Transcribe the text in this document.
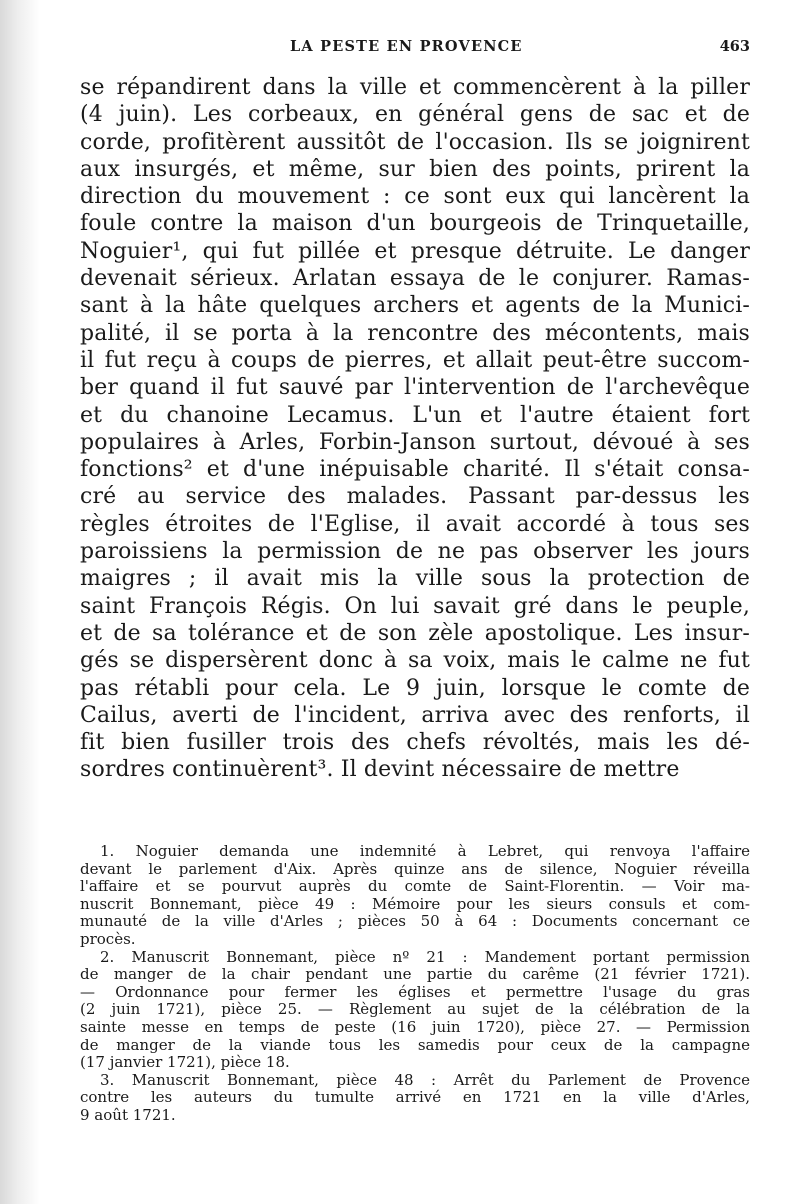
LA PESTE EN PROVENCE	463
se répandirent dans la ville et commencèrent à la piller
(4 juin). Les corbeaux, en général gens de sac et de
corde, profitèrent aussitôt de l'occasion. Ils se joignirent
aux insurgés, et même, sur bien des points, prirent la
direction du mouvement : ce sont eux qui lancèrent la
foule contre la maison d'un bourgeois de Trinquetaille,
Noguier¹, qui fut pillée et presque détruite. Le danger
devenait sérieux. Arlatan essaya de le conjurer. Ramas-
sant à la hâte quelques archers et agents de la Munici-
palité, il se porta à la rencontre des mécontents, mais
il fut reçu à coups de pierres, et allait peut-être succom-
ber quand il fut sauvé par l'intervention de l'archevêque
et du chanoine Lecamus. L'un et l'autre étaient fort
populaires à Arles, Forbin-Janson surtout, dévoué à ses
fonctions² et d'une inépuisable charité. Il s'était consa-
cré au service des malades. Passant par-dessus les
règles étroites de l'Eglise, il avait accordé à tous ses
paroissiens la permission de ne pas observer les jours
maigres ; il avait mis la ville sous la protection de
saint François Régis. On lui savait gré dans le peuple,
et de sa tolérance et de son zèle apostolique. Les insur-
gés se dispersèrent donc à sa voix, mais le calme ne fut
pas rétabli pour cela. Le 9 juin, lorsque le comte de
Cailus, averti de l'incident, arriva avec des renforts, il
fit bien fusiller trois des chefs révoltés, mais les dé-
sordres continuèrent³. Il devint nécessaire de mettre
1. Noguier demanda une indemnité à Lebret, qui renvoya l'affaire
devant le parlement d'Aix. Après quinze ans de silence, Noguier réveilla
l'affaire et se pourvut auprès du comte de Saint-Florentin. — Voir ma-
nuscrit Bonnemant, pièce 49 : Mémoire pour les sieurs consuls et com-
munauté de la ville d'Arles ; pièces 50 à 64 : Documents concernant ce
procès.
2. Manuscrit Bonnemant, pièce nº 21 : Mandement portant permission
de manger de la chair pendant une partie du carême (21 février 1721).
— Ordonnance pour fermer les églises et permettre l'usage du gras
(2 juin 1721), pièce 25. — Règlement au sujet de la célébration de la
sainte messe en temps de peste (16 juin 1720), pièce 27. — Permission
de manger de la viande tous les samedis pour ceux de la campagne
(17 janvier 1721), pièce 18.
3. Manuscrit Bonnemant, pièce 48 : Arrêt du Parlement de Provence
contre les auteurs du tumulte arrivé en 1721 en la ville d'Arles,
9 août 1721.
